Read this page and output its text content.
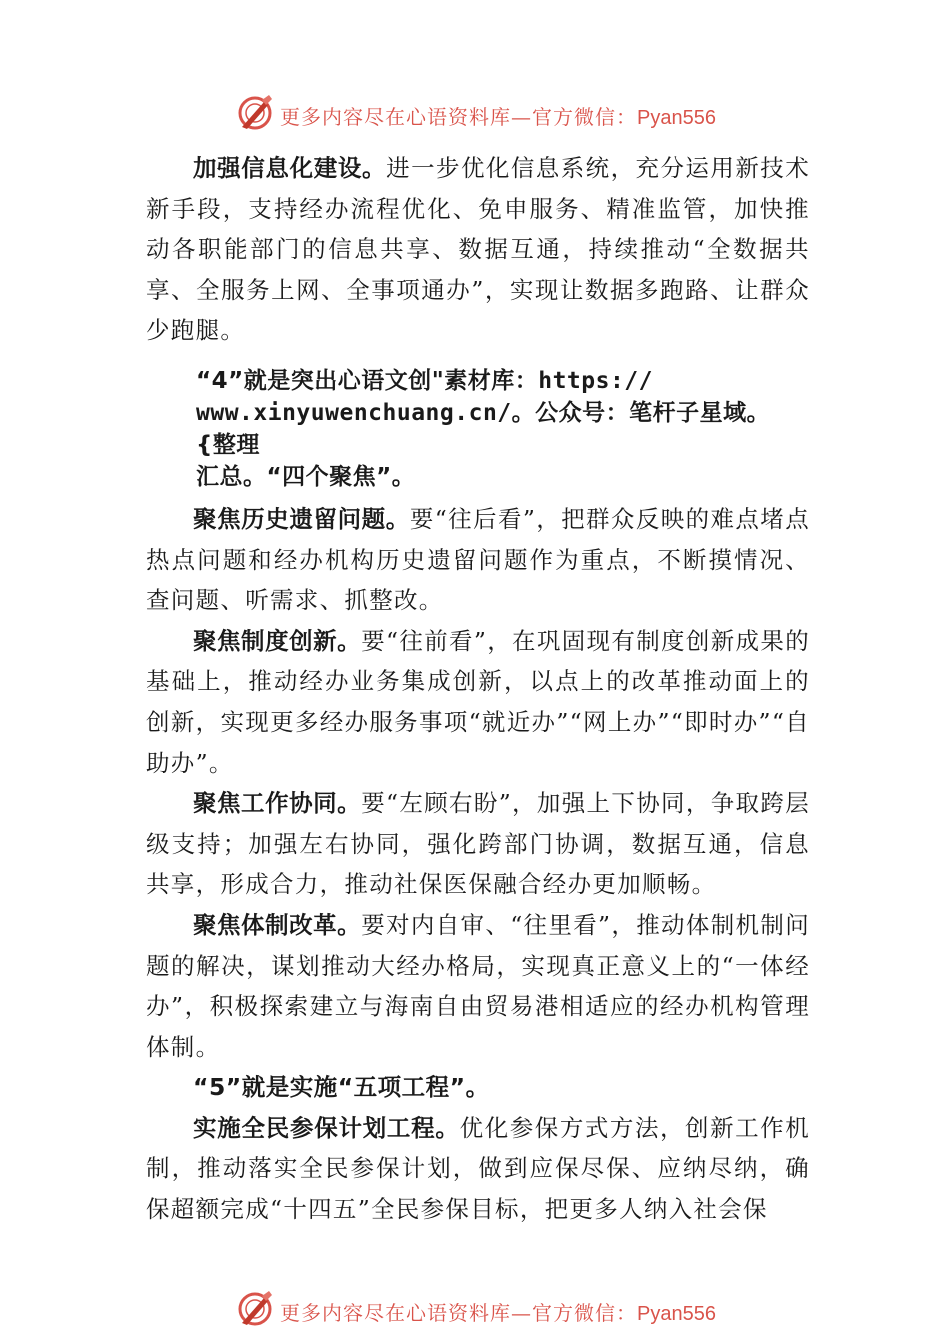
更多内容尽在心语资料库—官方微信：Pyan556

加强信息化建设。进一步优化信息系统，充分运用新技术新手段，支持经办流程优化、免申服务、精准监管，加快推动各职能部门的信息共享、数据互通，持续推动“全数据共享、全服务上网、全事项通办”，实现让数据多跑路、让群众少跑腿。

“4”就是突出心语文创"素材库：https://
www.xinyuwenchuang.cn/。公众号：笔杆子星域。{整理
汇总。“四个聚焦”。

聚焦历史遗留问题。要“往后看”，把群众反映的难点堵点热点问题和经办机构历史遗留问题作为重点，不断摸情况、查问题、听需求、抓整改。

聚焦制度创新。要“往前看”，在巩固现有制度创新成果的基础上，推动经办业务集成创新，以点上的改革推动面上的创新，实现更多经办服务事项“就近办”“网上办”“即时办”“自助办”。

聚焦工作协同。要“左顾右盼”，加强上下协同，争取跨层级支持；加强左右协同，强化跨部门协调，数据互通，信息共享，形成合力，推动社保医保融合经办更加顺畅。

聚焦体制改革。要对内自审、“往里看”，推动体制机制问题的解决，谋划推动大经办格局，实现真正意义上的“一体经办”，积极探索建立与海南自由贸易港相适应的经办机构管理体制。

“5”就是实施“五项工程”。

实施全民参保计划工程。优化参保方式方法，创新工作机制，推动落实全民参保计划，做到应保尽保、应纳尽纳，确保超额完成“十四五”全民参保目标，把更多人纳入社会保

更多内容尽在心语资料库—官方微信：Pyan556
